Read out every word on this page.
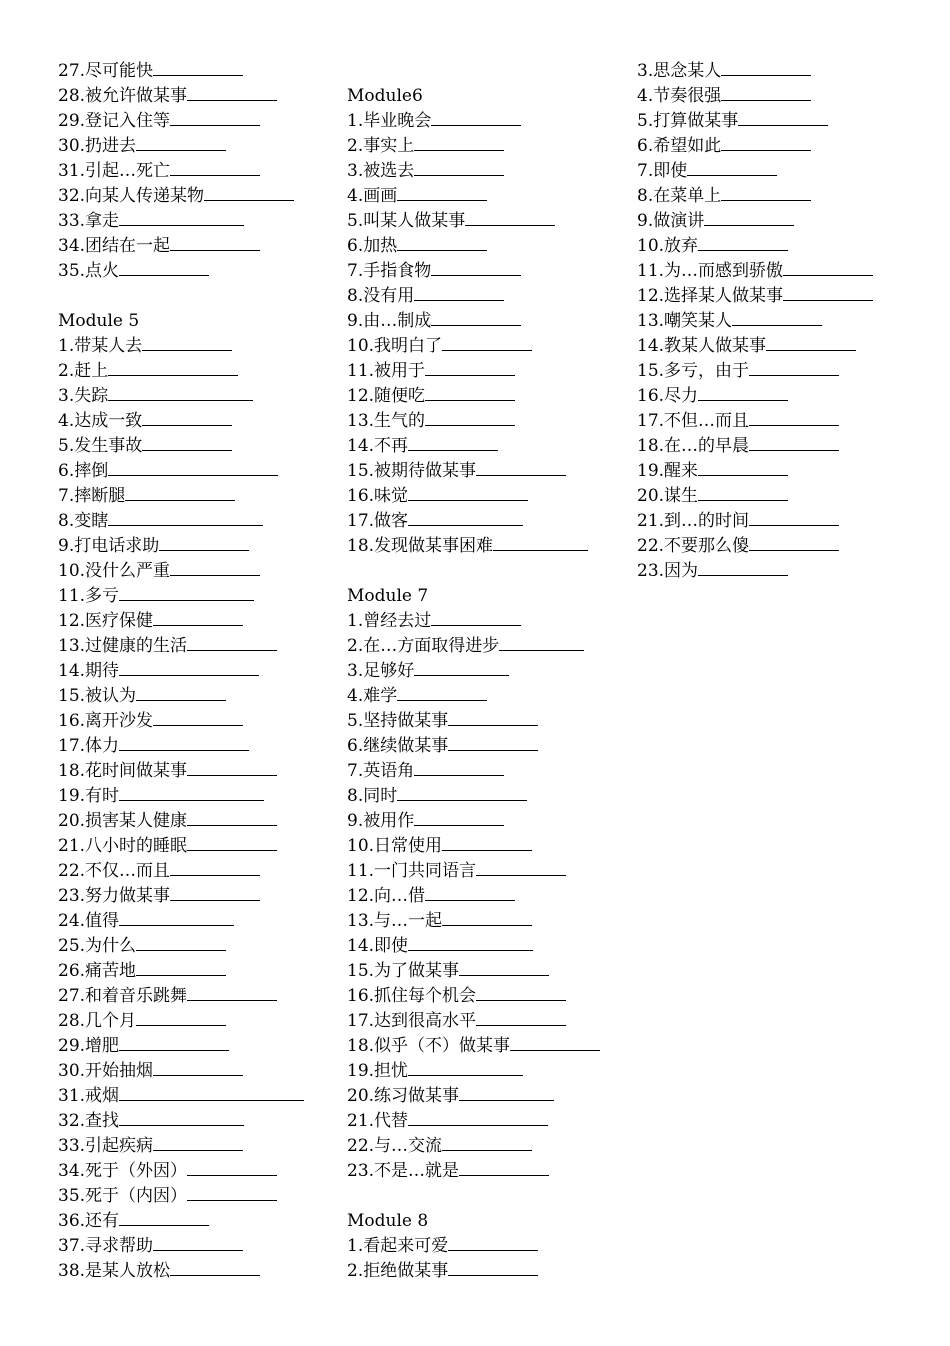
27.尽可能快
28.被允许做某事
29.登记入住等
30.扔进去
31.引起…死亡
32.向某人传递某物
33.拿走
34.团结在一起
35.点火
Module 5
1.带某人去
2.赶上
3.失踪
4.达成一致
5.发生事故
6.摔倒
7.摔断腿
8.变瞎
9.打电话求助
10.没什么严重
11.多亏
12.医疗保健
13.过健康的生活
14.期待
15.被认为
16.离开沙发
17.体力
18.花时间做某事
19.有时
20.损害某人健康
21.八小时的睡眠
22.不仅…而且
23.努力做某事
24.值得
25.为什么
26.痛苦地
27.和着音乐跳舞
28.几个月
29.增肥
30.开始抽烟
31.戒烟
32.查找
33.引起疾病
34.死于（外因）
35.死于（内因）
36.还有
37.寻求帮助
38.是某人放松
Module6
1.毕业晚会
2.事实上
3.被选去
4.画画
5.叫某人做某事
6.加热
7.手指食物
8.没有用
9.由…制成
10.我明白了
11.被用于
12.随便吃
13.生气的
14.不再
15.被期待做某事
16.味觉
17.做客
18.发现做某事困难
Module 7
1.曾经去过
2.在…方面取得进步
3.足够好
4.难学
5.坚持做某事
6.继续做某事
7.英语角
8.同时
9.被用作
10.日常使用
11.一门共同语言
12.向…借
13.与…一起
14.即使
15.为了做某事
16.抓住每个机会
17.达到很高水平
18.似乎（不）做某事
19.担忧
20.练习做某事
21.代替
22.与…交流
23.不是…就是
Module 8
1.看起来可爱
2.拒绝做某事
3.思念某人
4.节奏很强
5.打算做某事
6.希望如此
7.即使
8.在菜单上
9.做演讲
10.放弃
11.为…而感到骄傲
12.选择某人做某事
13.嘲笑某人
14.教某人做某事
15.多亏，由于
16.尽力
17.不但…而且
18.在…的早晨
19.醒来
20.谋生
21.到…的时间
22.不要那么傻
23.因为
